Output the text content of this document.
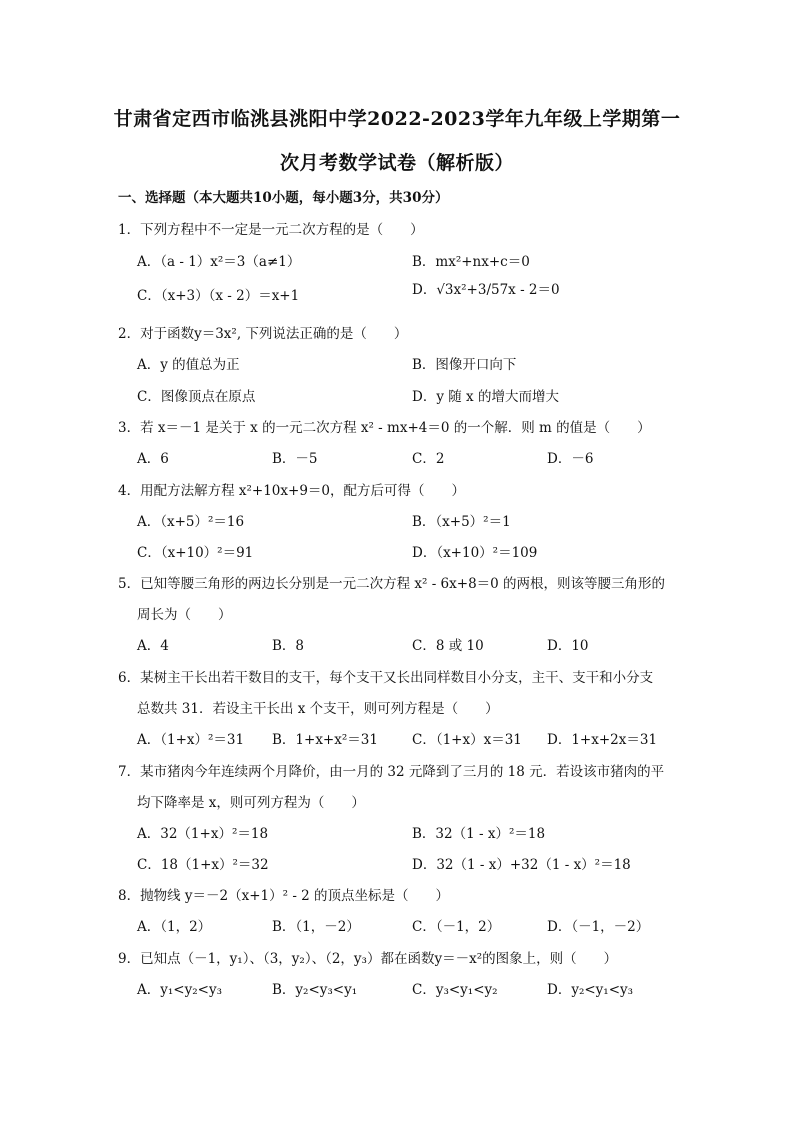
甘肃省定西市临洮县洮阳中学2022-2023学年九年级上学期第一
次月考数学试卷（解析版）
一、选择题（本大题共10小题，每小题3分，共30分）
1．下列方程中不一定是一元二次方程的是（　　）
A．（a - 1）x²＝3（a≠1）	B．mx²+nx+c＝0
C．（x+3）（x - 2）＝x+1	D．√3x²+3/57x - 2＝0
2．对于函数y＝3x², 下列说法正确的是（　　）
A．y 的值总为正	B．图像开口向下
C．图像顶点在原点	D．y 随 x 的增大而增大
3．若 x＝－1 是关于 x 的一元二次方程 x² - mx+4＝0 的一个解．则 m 的值是（　　）
A．6	B．－5	C．2	D．－6
4．用配方法解方程 x²+10x+9＝0，配方后可得（　　）
A．（x+5）²＝16	B．（x+5）²＝1
C．（x+10）²＝91	D．（x+10）²＝109
5．已知等腰三角形的两边长分别是一元二次方程 x² - 6x+8＝0 的两根，则该等腰三角形的
周长为（　　）
A．4	B．8	C．8 或 10	D．10
6．某树主干长出若干数目的支干，每个支干又长出同样数目小分支，主干、支干和小分支
总数共 31．若设主干长出 x 个支干，则可列方程是（　　）
A．（1+x）²＝31 B．1+x+x²＝31	C．（1+x）x＝31 D．1+x+2x＝31
7．某市猪肉今年连续两个月降价，由一月的 32 元降到了三月的 18 元．若设该市猪肉的平
均下降率是 x，则可列方程为（　　）
A．32（1+x）²＝18	B．32（1 - x）²＝18
C．18（1+x）²＝32	D．32（1 - x）+32（1 - x）²＝18
8．抛物线 y＝－2（x+1）² - 2 的顶点坐标是（　　）
A．（1，2）	B．（1，－2）	C．（－1，2）	D．（－1，－2）
9．已知点（－1，y₁）、（3，y₂）、（2，y₃）都在函数y＝－x²的图象上，则（　　）
A．y₁<y₂<y₃	B．y₂<y₃<y₁	C．y₃<y₁<y₂	D．y₂<y₁<y₃
